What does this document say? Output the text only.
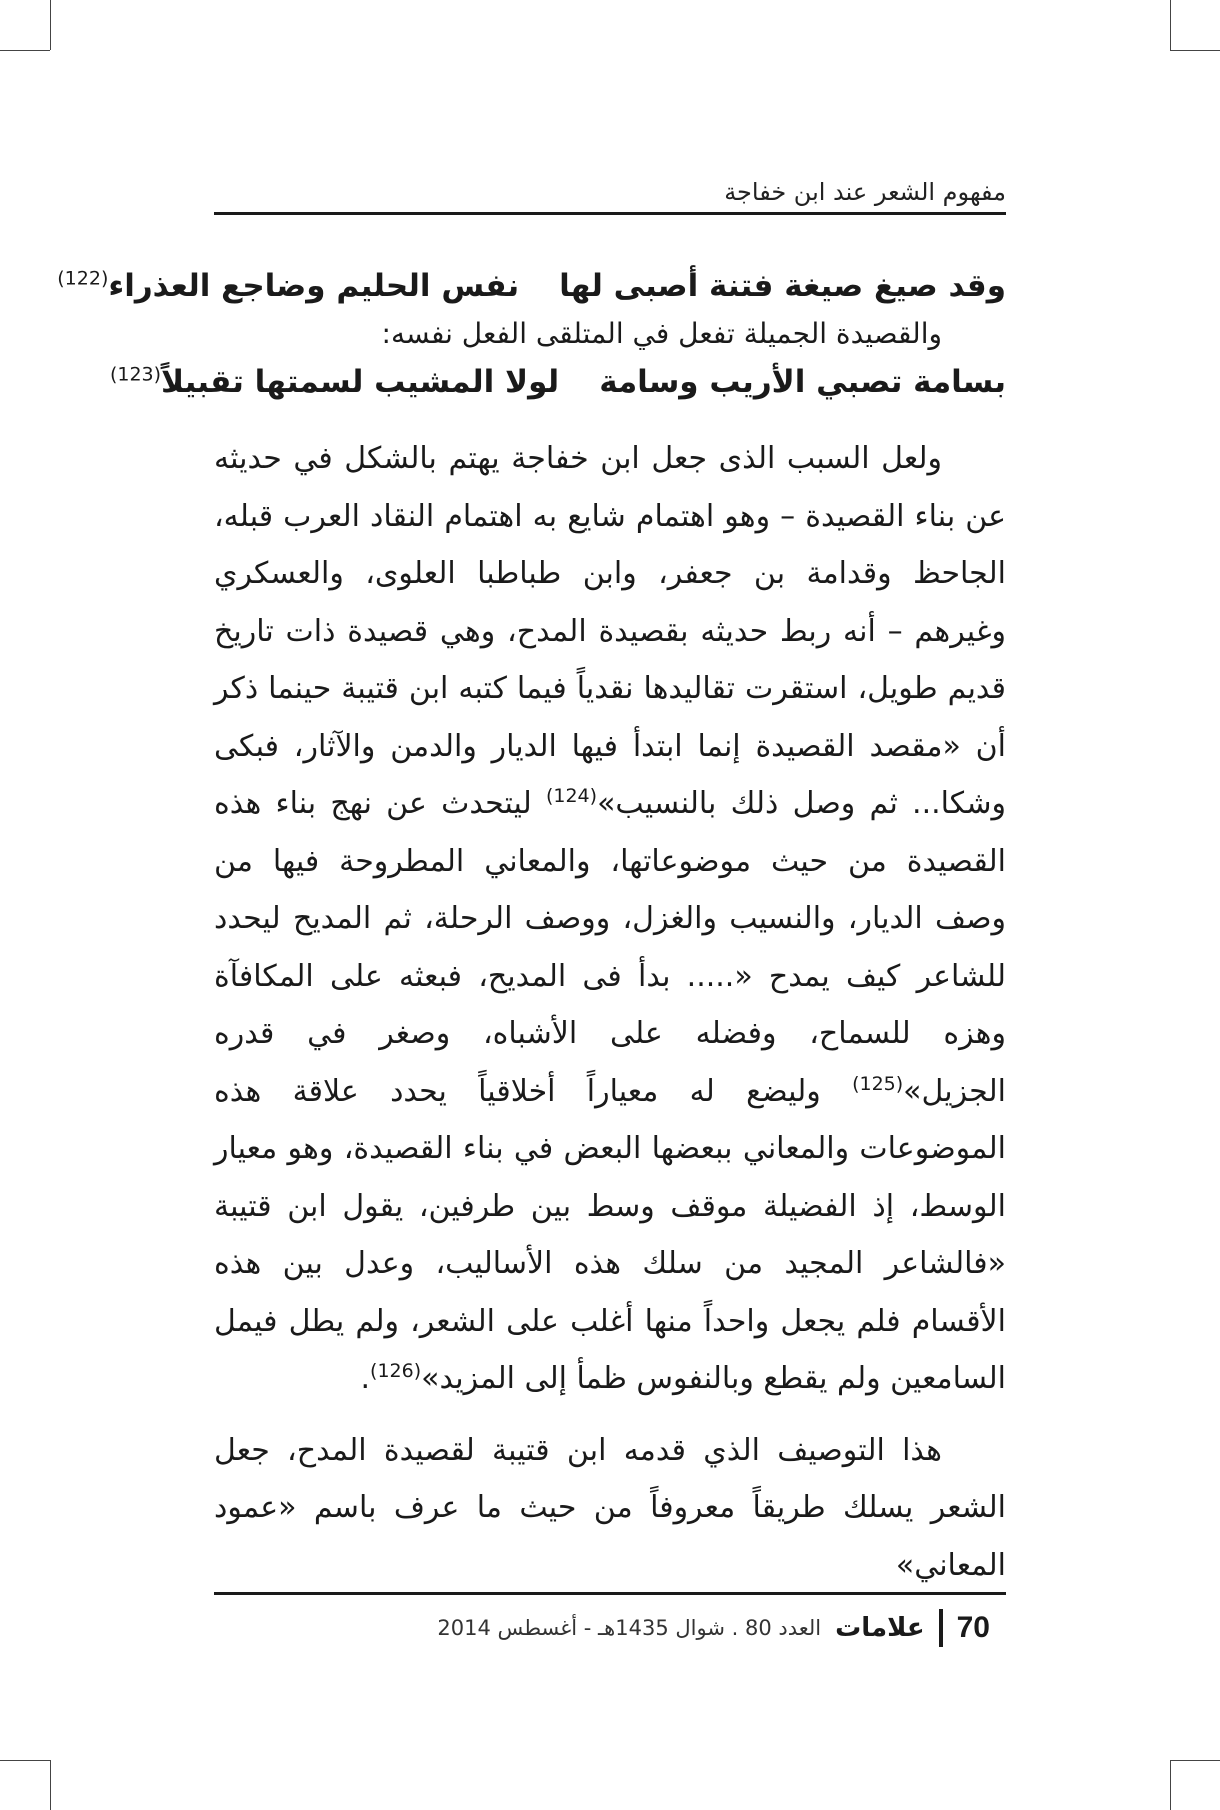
مفهوم الشعر عند ابن خفاجة

وقد صيغ صيغة فتنة أصبى لهانفس الحليم وضاجع العذراء$^{(122)}$

والقصيدة الجميلة تفعل في المتلقى الفعل نفسه:

بسامة تصبي الأريب وسامةلولا المشيب لسمتها تقبيلاً$^{(123)}$

ولعل السبب الذى جعل ابن خفاجة يهتم بالشكل في حديثه عن بناء القصيدة – وهو اهتمام شايع به اهتمام النقاد العرب قبله، الجاحظ وقدامة بن جعفر، وابن طباطبا العلوى، والعسكري وغيرهم – أنه ربط حديثه بقصيدة المدح، وهي قصيدة ذات تاريخ قديم طويل، استقرت تقاليدها نقدياً فيما كتبه ابن قتيبة حينما ذكر أن «مقصد القصيدة إنما ابتدأ فيها الديار والدمن والآثار، فبكى وشكا... ثم وصل ذلك بالنسيب»$^{(124)}$ ليتحدث عن نهج بناء هذه القصيدة من حيث موضوعاتها، والمعاني المطروحة فيها من وصف الديار، والنسيب والغزل، ووصف الرحلة، ثم المديح ليحدد للشاعر كيف يمدح «..... بدأ فى المديح، فبعثه على المكافآة وهزه للسماح، وفضله على الأشباه، وصغر في قدره الجزيل»$^{(125)}$ وليضع له معياراً أخلاقياً يحدد علاقة هذه الموضوعات والمعاني ببعضها البعض في بناء القصيدة، وهو معيار الوسط، إذ الفضيلة موقف وسط بين طرفين، يقول ابن قتيبة «فالشاعر المجيد من سلك هذه الأساليب، وعدل بين هذه الأقسام فلم يجعل واحداً منها أغلب على الشعر، ولم يطل فيمل السامعين ولم يقطع وبالنفوس ظمأ إلى المزيد»$^{(126)}$.

هذا التوصيف الذي قدمه ابن قتيبة لقصيدة المدح، جعل الشعر يسلك طريقاً معروفاً من حيث ما عرف باسم «عمود المعاني»

70
علامات
العدد 80 . شوال 1435هـ - أغسطس 2014
